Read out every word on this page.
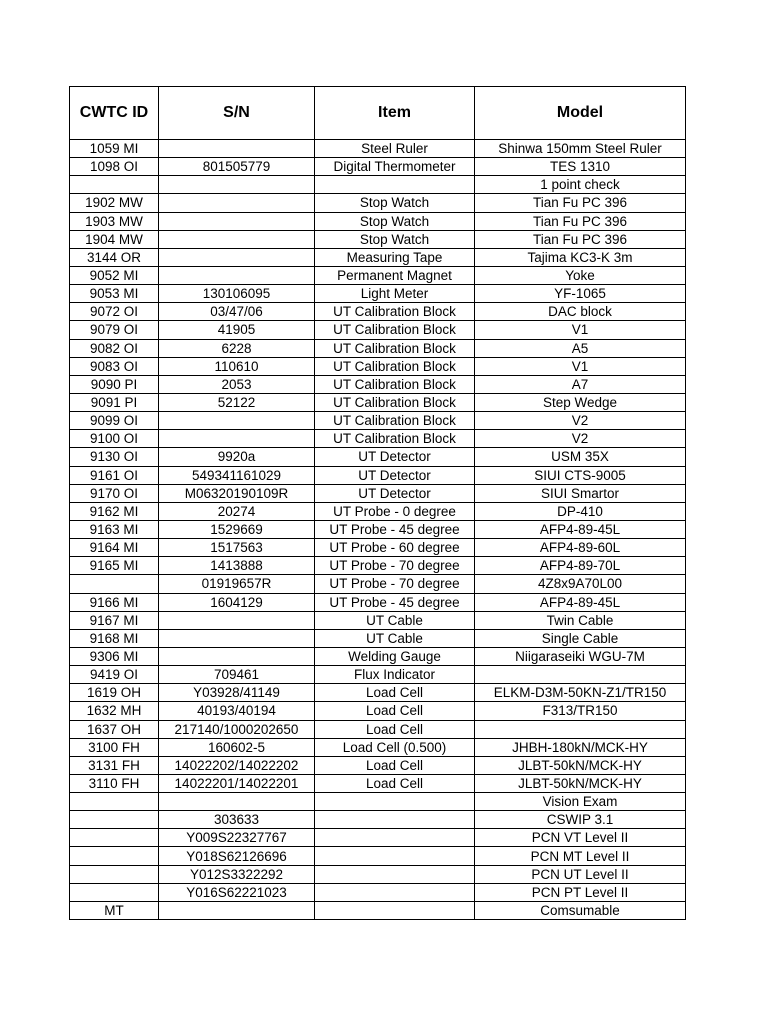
CWTC ID	S/N	Item	Model
1059 MI		Steel Ruler	Shinwa 150mm Steel Ruler
1098 OI	801505779	Digital Thermometer	TES 1310
			1 point check
1902 MW		Stop Watch	Tian Fu PC 396
1903 MW		Stop Watch	Tian Fu PC 396
1904 MW		Stop Watch	Tian Fu PC 396
3144 OR		Measuring Tape	Tajima KC3-K 3m
9052 MI		Permanent Magnet	Yoke
9053 MI	130106095	Light Meter	YF-1065
9072 OI	03/47/06	UT Calibration Block	DAC block
9079 OI	41905	UT Calibration Block	V1
9082 OI	6228	UT Calibration Block	A5
9083 OI	110610	UT Calibration Block	V1
9090 PI	2053	UT Calibration Block	A7
9091 PI	52122	UT Calibration Block	Step Wedge
9099 OI		UT Calibration Block	V2
9100 OI		UT Calibration Block	V2
9130 OI	9920a	UT Detector	USM 35X
9161 OI	549341161029	UT Detector	SIUI CTS-9005
9170 OI	M06320190109R	UT Detector	SIUI Smartor
9162 MI	20274	UT Probe - 0 degree	DP-410
9163 MI	1529669	UT Probe - 45 degree	AFP4-89-45L
9164 MI	1517563	UT Probe - 60 degree	AFP4-89-60L
9165 MI	1413888	UT Probe - 70 degree	AFP4-89-70L
	01919657R	UT Probe - 70 degree	4Z8x9A70L00
9166 MI	1604129	UT Probe - 45 degree	AFP4-89-45L
9167 MI		UT Cable	Twin Cable
9168 MI		UT Cable	Single Cable
9306 MI		Welding Gauge	Niigaraseiki WGU-7M
9419 OI	709461	Flux Indicator	
1619 OH	Y03928/41149	Load Cell	ELKM-D3M-50KN-Z1/TR150
1632 MH	40193/40194	Load Cell	F313/TR150
1637 OH	217140/1000202650	Load Cell	
3100 FH	160602-5	Load Cell (0.500)	JHBH-180kN/MCK-HY
3131 FH	14022202/14022202	Load Cell	JLBT-50kN/MCK-HY
3110 FH	14022201/14022201	Load Cell	JLBT-50kN/MCK-HY
			Vision Exam
	303633		CSWIP 3.1
	Y009S22327767		PCN VT Level II
	Y018S62126696		PCN MT Level II
	Y012S3322292		PCN UT Level II
	Y016S62221023		PCN PT Level II
MT			Comsumable
